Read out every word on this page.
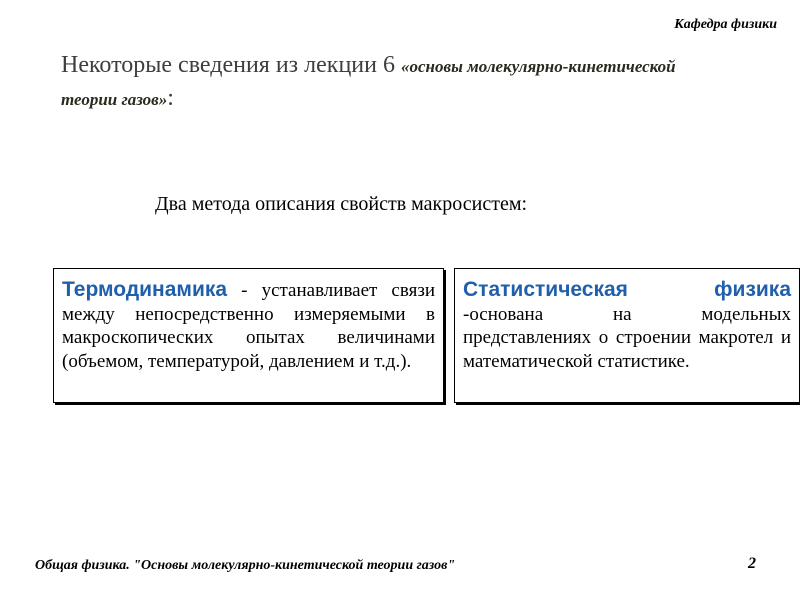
Кафедра физики
Некоторые сведения из лекции 6 «основы молекулярно-кинетической теории газов»:
Два метода описания свойств макросистем:
Термодинамика - устанавливает связи между непосредственно измеряемыми в макроскопических опытах величинами (объемом, температурой, давлением и т.д.).
Статистическая физика -основана на модельных представлениях о строении макротел и математической статистике.
Общая физика. "Основы молекулярно-кинетической теории газов"	2
